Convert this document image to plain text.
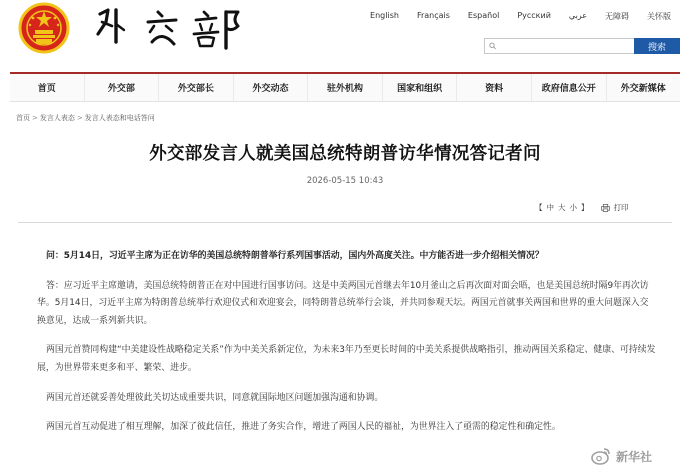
English	Français	Español	Русский	عربي	无障碍	关怀版
搜索
首页	外交部	外交部长	外交动态	驻外机构	国家和组织	资料	政府信息公开	外交新媒体
首页 > 发言人表态 > 发言人表态和电话答问
外交部发言人就美国总统特朗普访华情况答记者问
2026-05-15 10:43
【 中 大 小 】	打印

问：5月14日，习近平主席为正在访华的美国总统特朗普举行系列国事活动，国内外高度关注。中方能否进一步介绍相关情况？

答：应习近平主席邀请，美国总统特朗普正在对中国进行国事访问。这是中美两国元首继去年10月釜山之后再次面对面会晤，也是美国总统时隔9年再次访华。5月14日，习近平主席为特朗普总统举行欢迎仪式和欢迎宴会，同特朗普总统举行会谈，并共同参观天坛。两国元首就事关两国和世界的重大问题深入交换意见，达成一系列新共识。

两国元首赞同构建“中美建设性战略稳定关系”作为中美关系新定位，为未来3年乃至更长时间的中美关系提供战略指引，推动两国关系稳定、健康、可持续发展，为世界带来更多和平、繁荣、进步。

两国元首还就妥善处理彼此关切达成重要共识，同意就国际地区问题加强沟通和协调。

两国元首互动促进了相互理解，加深了彼此信任，推进了务实合作，增进了两国人民的福祉，为世界注入了亟需的稳定性和确定性。

新华社
